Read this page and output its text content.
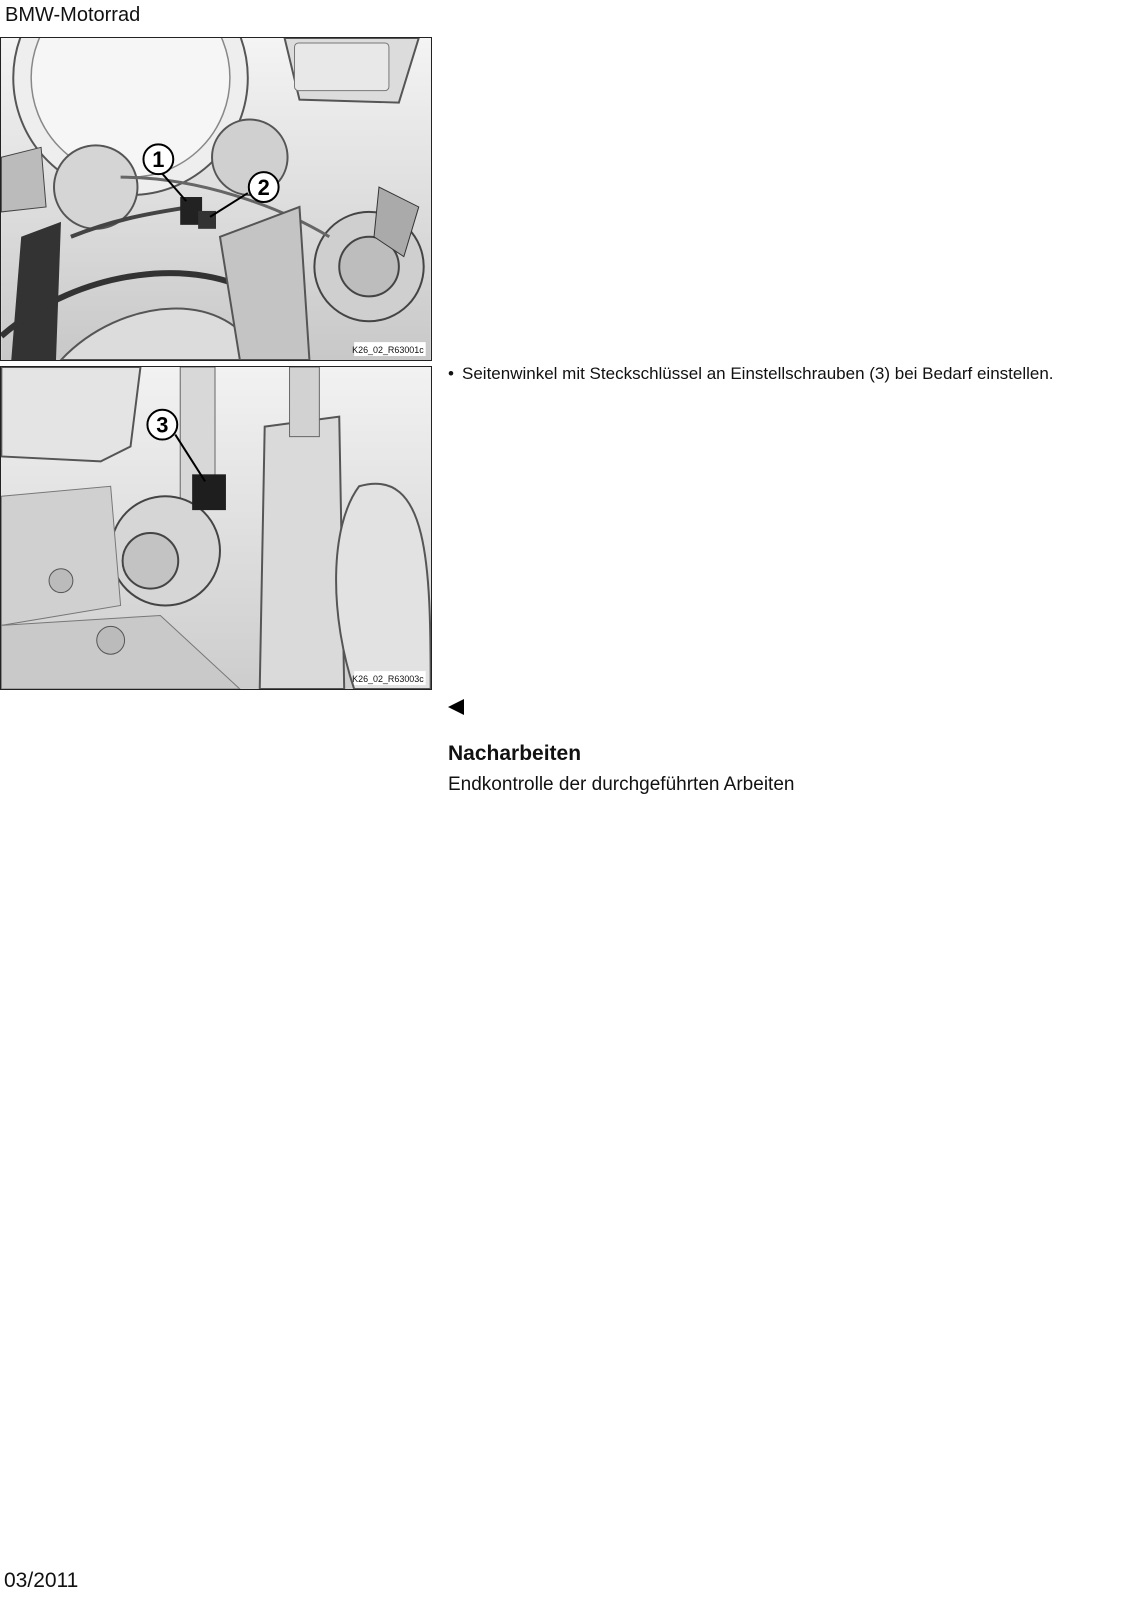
BMW-Motorrad
1
2
K26_02_R63001c
3
K26_02_R63003c
• Seitenwinkel mit Steckschlüssel an Einstellschrauben (3) bei Bedarf einstellen.
Nacharbeiten
Endkontrolle der durchgeführten Arbeiten
03/2011
